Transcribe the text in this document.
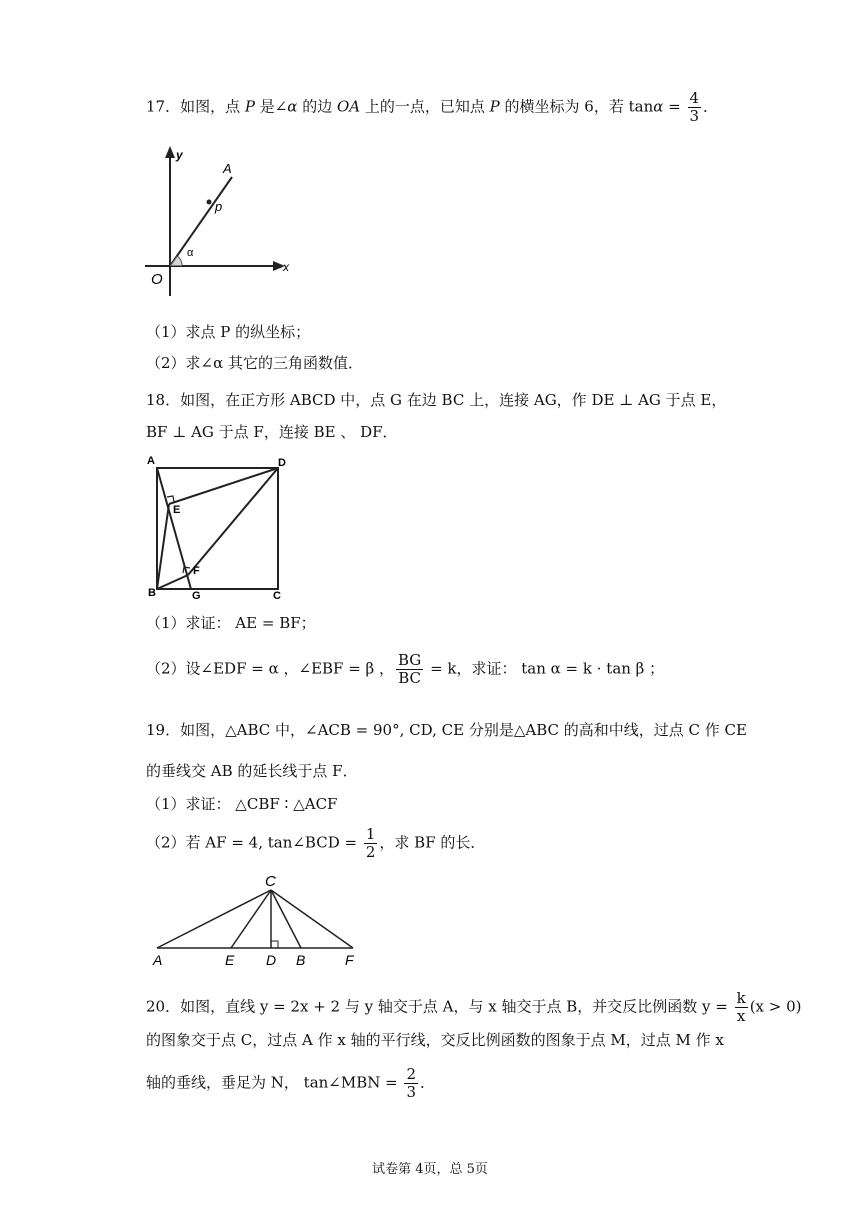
17．如图，点 P 是∠α 的边 OA 上的一点，已知点 P 的横坐标为 6，若 $\tan\alpha = \frac{4}{3}$ ．
y
A
p
α
O
x
（1）求点 P 的纵坐标；
（2）求∠α 其它的三角函数值．
18．如图，在正方形 ABCD 中，点 G 在边 BC 上，连接 AG，作 DE ⊥ AG 于点 E，
BF ⊥ AG 于点 F，连接 BE 、 DF．
A	D
E
F
B	G	C
（1）求证： AE = BF；
（2）设∠EDF = α ，∠EBF = β ， $\frac{BG}{BC} = k$，求证： tan α = k · tan β ；
19．如图，△ABC 中，∠ACB = 90°, CD, CE 分别是△ABC 的高和中线，过点 C 作 CE
的垂线交 AB 的延长线于点 F．
（1）求证： △CBF ∶ △ACF
（2）若 AF = 4, tan∠BCD = $\frac{1}{2}$ ，求 BF 的长．
C
A	E D B	F
20．如图，直线 y = 2x + 2 与 y 轴交于点 A，与 x 轴交于点 B，并交反比例函数 $y = \frac{k}{x} (x > 0)$
的图象交于点 C，过点 A 作 x 轴的平行线，交反比例函数的图象于点 M，过点 M 作 x
轴的垂线，垂足为 N， tan∠MBN = $\frac{2}{3}$ ．
试卷第 4页，总 5页
